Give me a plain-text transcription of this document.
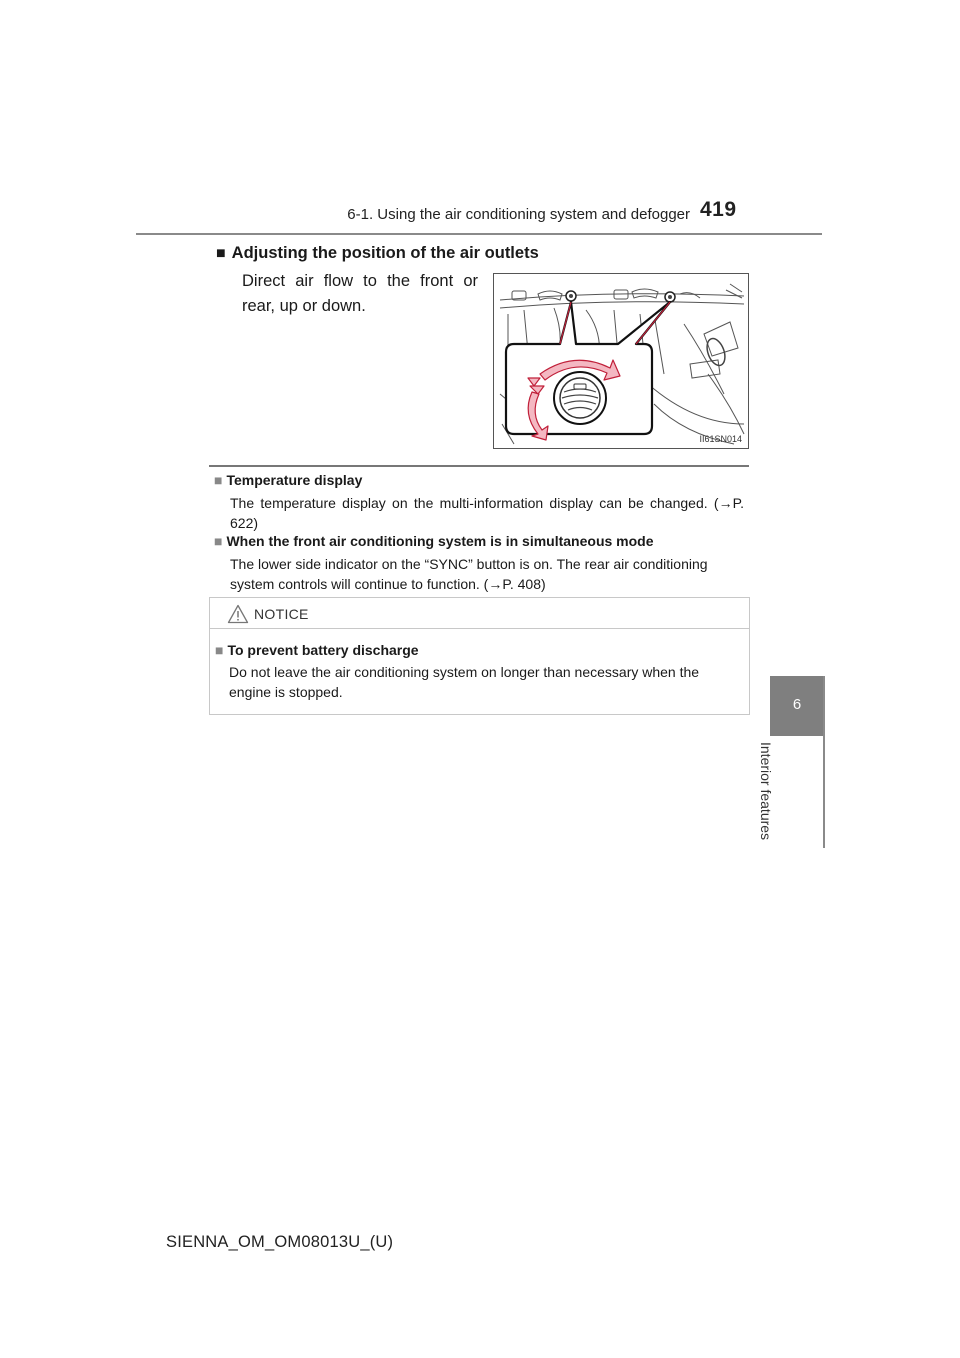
6-1. Using the air conditioning system and defogger 419
■ Adjusting the position of the air outlets
Direct air flow to the front or rear, up or down.
II61SN014
■ Temperature display
The temperature display on the multi-information display can be changed. (→P. 622)
■ When the front air conditioning system is in simultaneous mode
The lower side indicator on the “SYNC” button is on. The rear air conditioning system controls will continue to function. (→P. 408)
NOTICE
■ To prevent battery discharge
Do not leave the air conditioning system on longer than necessary when the engine is stopped.
6
Interior features
SIENNA_OM_OM08013U_(U)
